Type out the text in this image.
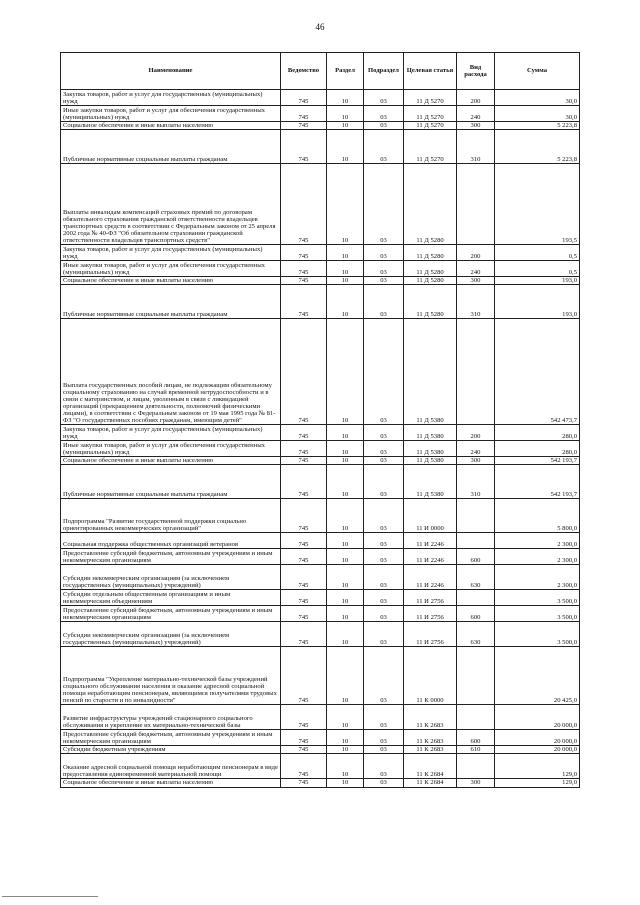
46
Наименование	Ведомство	Раздел	Подраздел	Целевая статья	Вид расхода	Сумма
Закупка товаров, работ и услуг для государственных (муниципальных) нужд	745	10	03	11 Д 5270	200	30,0
Иные закупки товаров, работ и услуг для обеспечения государственных (муниципальных) нужд	745	10	03	11 Д 5270	240	30,0
Социальное обеспечение и иные выплаты населению	745	10	03	11 Д 5270	300	5 223,8
Публичные нормативные социальные выплаты гражданам	745	10	03	11 Д 5270	310	5 223,8
Выплаты инвалидам компенсаций страховых премий по договорам обязательного страхования гражданской ответственности владельцев транспортных средств в соответствии с Федеральным законом от 25 апреля 2002 года № 40-ФЗ "Об обязательном страховании гражданской ответственности владельцев транспортных средств"	745	10	03	11 Д 5280		193,5
Закупка товаров, работ и услуг для государственных (муниципальных) нужд	745	10	03	11 Д 5280	200	0,5
Иные закупки товаров, работ и услуг для обеспечения государственных (муниципальных) нужд	745	10	03	11 Д 5280	240	0,5
Социальное обеспечение и иные выплаты населению	745	10	03	11 Д 5280	300	193,0
Публичные нормативные социальные выплаты гражданам	745	10	03	11 Д 5280	310	193,0
Выплата государственных пособий лицам, не подлежащим обязательному социальному страхованию на случай временной нетрудоспособности и в связи с материнством, и лицам, уволенным в связи с ликвидацией организаций (прекращением деятельности, полномочий физическими лицами), в соответствии с Федеральным законом от 19 мая 1995 года № 81-ФЗ "О государственных пособиях гражданам, имеющим детей"	745	10	03	11 Д 5380		542 473,7
Закупка товаров, работ и услуг для государственных (муниципальных) нужд	745	10	03	11 Д 5380	200	280,0
Иные закупки товаров, работ и услуг для обеспечения государственных (муниципальных) нужд	745	10	03	11 Д 5380	240	280,0
Социальное обеспечение и иные выплаты населению	745	10	03	11 Д 5380	300	542 193,7
Публичные нормативные социальные выплаты гражданам	745	10	03	11 Д 5380	310	542 193,7
Подпрограмма "Развитие государственной поддержки социально ориентированных некоммерческих организаций"	745	10	03	11 И 0000		5 800,0
Социальная поддержка общественных организаций ветеранов	745	10	03	11 И 2246		2 300,0
Предоставление субсидий бюджетным, автономным учреждениям и иным некоммерческим организациям	745	10	03	11 И 2246	600	2 300,0
Субсидии некоммерческим организациям (за исключением государственных (муниципальных) учреждений)	745	10	03	11 И 2246	630	2 300,0
Субсидии отдельным общественным организациям и иным некоммерческим объединениям	745	10	03	11 И 2756		3 500,0
Предоставление субсидий бюджетным, автономным учреждениям и иным некоммерческим организациям	745	10	03	11 И 2756	600	3 500,0
Субсидии некоммерческим организациям (за исключением государственных (муниципальных) учреждений)	745	10	03	11 И 2756	630	3 500,0
Подпрограмма "Укрепление материально-технической базы учреждений социального обслуживания населения и оказание адресной социальной помощи неработающим пенсионерам, являющимся получателями трудовых пенсий по старости и по инвалидности"	745	10	03	11 К 0000		20 425,0
Развитие инфраструктуры учреждений стационарного социального обслуживания и укрепление их материально-технической базы	745	10	03	11 К 2683		20 000,0
Предоставление субсидий бюджетным, автономным учреждениям и иным некоммерческим организациям	745	10	03	11 К 2683	600	20 000,0
Субсидии бюджетным учреждениям	745	10	03	11 К 2683	610	20 000,0
Оказание адресной социальной помощи неработающим пенсионерам в виде предоставления единовременной материальной помощи	745	10	03	11 К 2684		129,0
Социальное обеспечение и иные выплаты населению	745	10	03	11 К 2684	300	129,0
